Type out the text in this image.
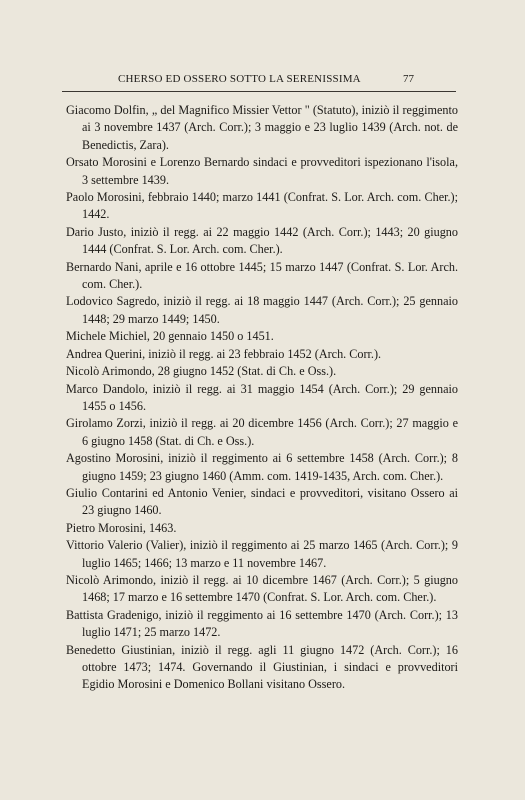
CHERSO ED OSSERO SOTTO LA SERENISSIMA	77

Giacomo Dolfin, „ del Magnifico Missier Vettor " (Statuto), iniziò il reggimento ai 3 novembre 1437 (Arch. Corr.); 3 maggio e 23 luglio 1439 (Arch. not. de Benedictis, Zara).

Orsato Morosini e Lorenzo Bernardo sindaci e provveditori ispezionano l'isola, 3 settembre 1439.

Paolo Morosini, febbraio 1440; marzo 1441 (Confrat. S. Lor. Arch. com. Cher.); 1442.

Dario Justo, iniziò il regg. ai 22 maggio 1442 (Arch. Corr.); 1443; 20 giugno 1444 (Confrat. S. Lor. Arch. com. Cher.).

Bernardo Nani, aprile e 16 ottobre 1445; 15 marzo 1447 (Confrat. S. Lor. Arch. com. Cher.).

Lodovico Sagredo, iniziò il regg. ai 18 maggio 1447 (Arch. Corr.); 25 gennaio 1448; 29 marzo 1449; 1450.

Michele Michiel, 20 gennaio 1450 o 1451.

Andrea Querini, iniziò il regg. ai 23 febbraio 1452 (Arch. Corr.).

Nicolò Arimondo, 28 giugno 1452 (Stat. di Ch. e Oss.).

Marco Dandolo, iniziò il regg. ai 31 maggio 1454 (Arch. Corr.); 29 gennaio 1455 o 1456.

Girolamo Zorzi, iniziò il regg. ai 20 dicembre 1456 (Arch. Corr.); 27 maggio e 6 giugno 1458 (Stat. di Ch. e Oss.).

Agostino Morosini, iniziò il reggimento ai 6 settembre 1458 (Arch. Corr.); 8 giugno 1459; 23 giugno 1460 (Amm. com. 1419-1435, Arch. com. Cher.).

Giulio Contarini ed Antonio Venier, sindaci e provveditori, visitano Ossero ai 23 giugno 1460.

Pietro Morosini, 1463.

Vittorio Valerio (Valier), iniziò il reggimento ai 25 marzo 1465 (Arch. Corr.); 9 luglio 1465; 1466; 13 marzo e 11 novembre 1467.

Nicolò Arimondo, iniziò il regg. ai 10 dicembre 1467 (Arch. Corr.); 5 giugno 1468; 17 marzo e 16 settembre 1470 (Confrat. S. Lor. Arch. com. Cher.).

Battista Gradenigo, iniziò il reggimento ai 16 settembre 1470 (Arch. Corr.); 13 luglio 1471; 25 marzo 1472.

Benedetto Giustinian, iniziò il regg. agli 11 giugno 1472 (Arch. Corr.); 16 ottobre 1473; 1474. Governando il Giustinian, i sindaci e provveditori Egidio Morosini e Domenico Bollani visitano Ossero.
